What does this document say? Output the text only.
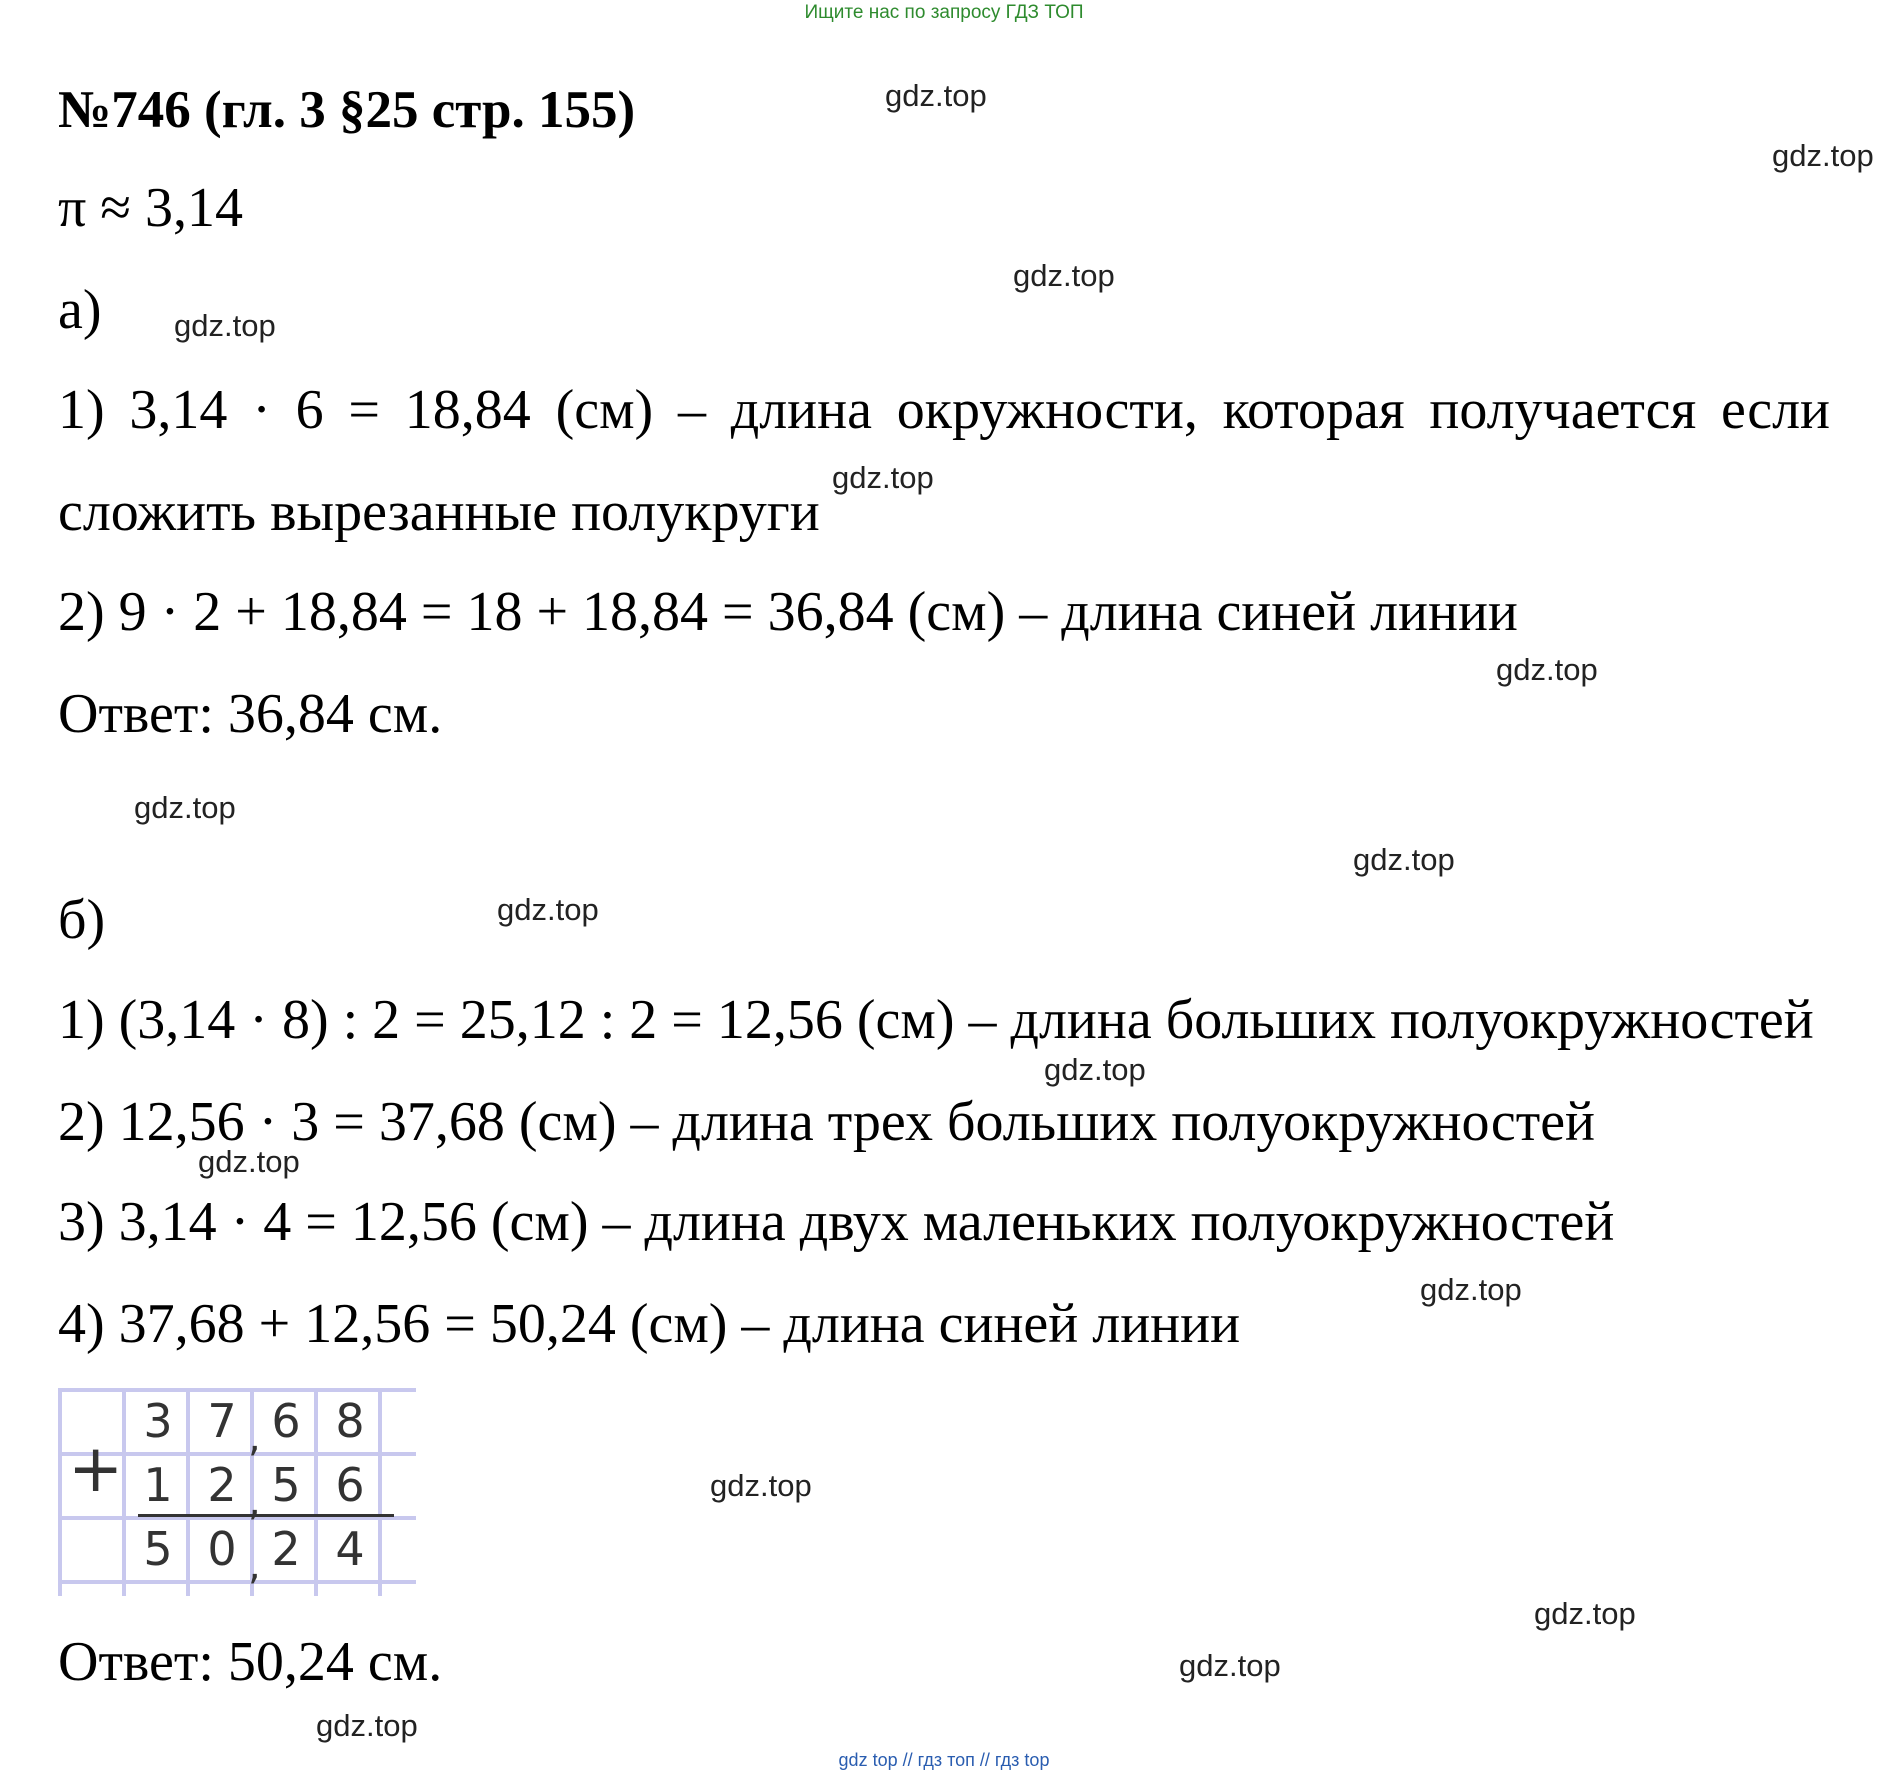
Ищите нас по запросу ГДЗ ТОП
№746 (гл. 3 §25 стр. 155)
π ≈ 3,14
а)
1) 3,14 · 6 = 18,84 (см) – длина окружности, которая получается если
сложить вырезанные полукруги
2) 9 · 2 + 18,84 = 18 + 18,84 = 36,84 (см) – длина синей линии
Ответ: 36,84 см.
б)
1) (3,14 · 8) : 2 = 25,12 : 2 = 12,56 (см) – длина больших полуокружностей
2) 12,56 · 3 = 37,68 (см) – длина трех больших полуокружностей
3) 3,14 · 4 = 12,56 (см) – длина двух маленьких полуокружностей
4) 37,68 + 12,56 = 50,24 (см) – длина синей линии
+
3 7 6 8
1 2 5 6
5 0 2 4
,
,
,
Ответ: 50,24 см.
gdz.top
gdz.top
gdz.top
gdz.top
gdz.top
gdz.top
gdz.top
gdz.top
gdz.top
gdz.top
gdz.top
gdz.top
gdz.top
gdz.top
gdz.top
gdz.top
gdz top // гдз топ // гдз top
